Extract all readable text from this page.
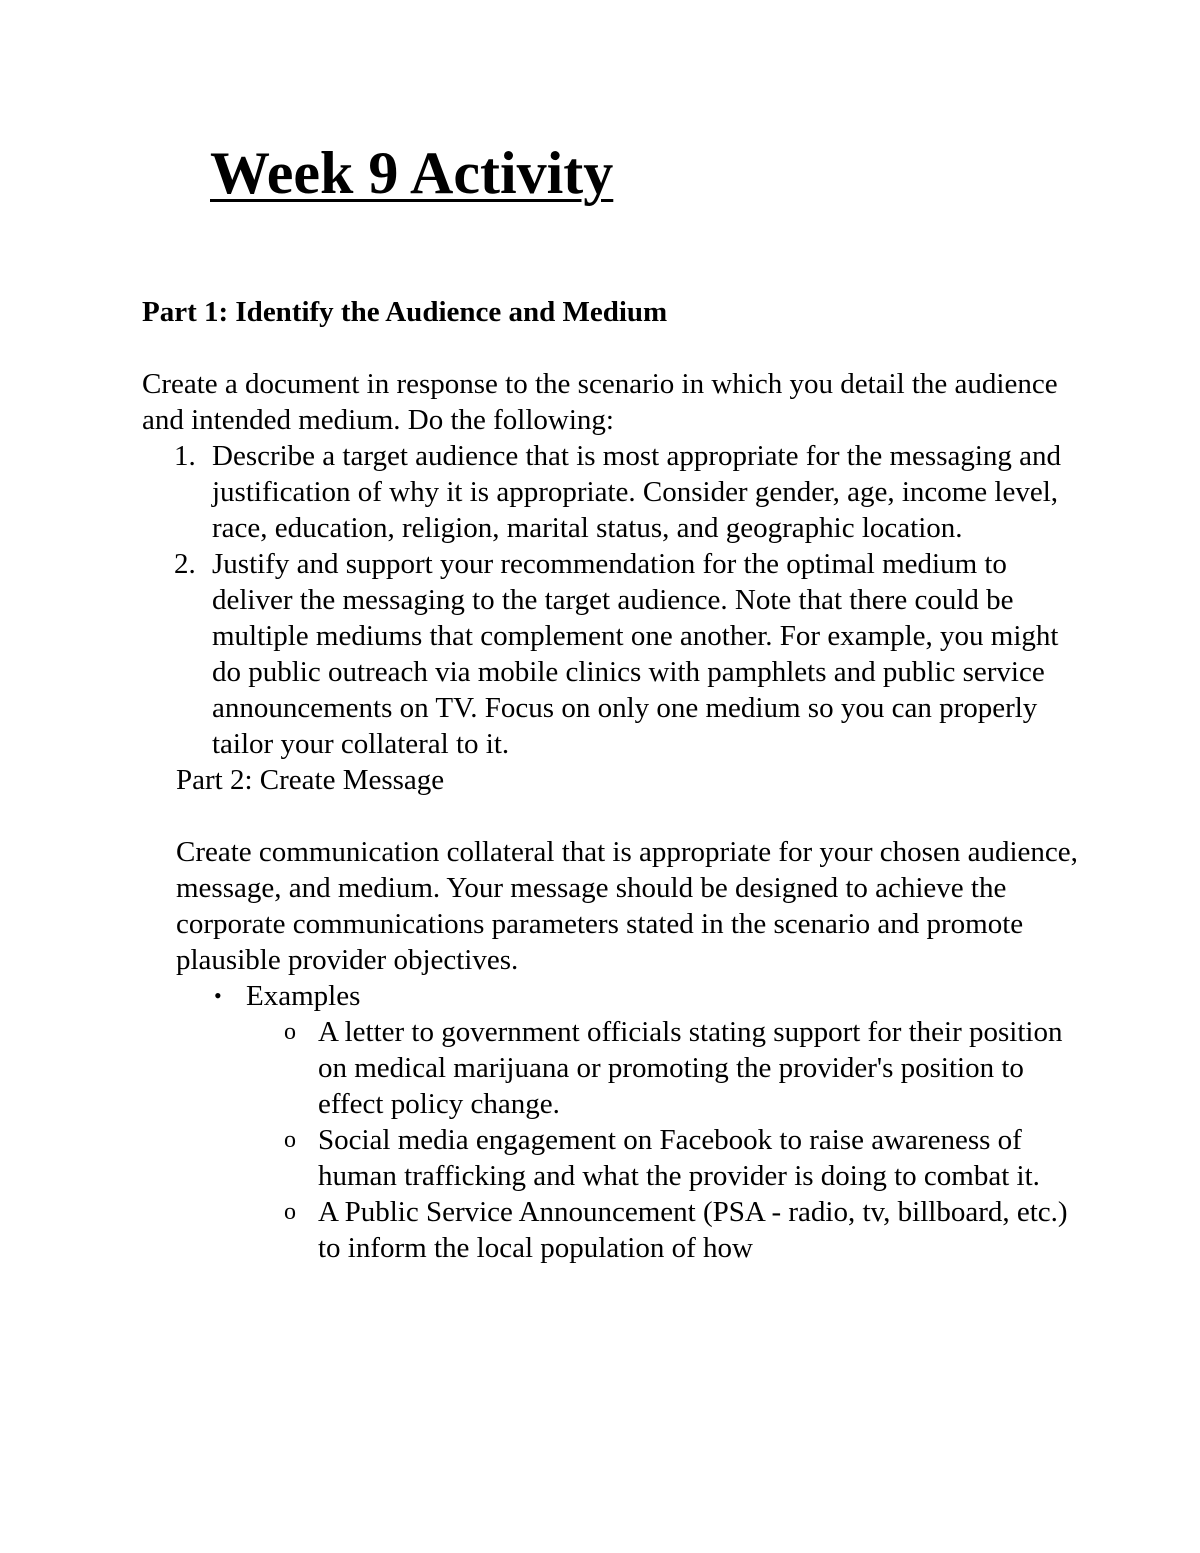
Week 9 Activity

Part 1: Identify the Audience and Medium

Create a document in response to the scenario in which you detail the audience and intended medium. Do the following:

1. Describe a target audience that is most appropriate for the messaging and justification of why it is appropriate. Consider gender, age, income level, race, education, religion, marital status, and geographic location.
2. Justify and support your recommendation for the optimal medium to deliver the messaging to the target audience. Note that there could be multiple mediums that complement one another. For example, you might do public outreach via mobile clinics with pamphlets and public service announcements on TV. Focus on only one medium so you can properly tailor your collateral to it.

Part 2: Create Message

Create communication collateral that is appropriate for your chosen audience, message, and medium. Your message should be designed to achieve the corporate communications parameters stated in the scenario and promote plausible provider objectives.

• Examples
o A letter to government officials stating support for their position on medical marijuana or promoting the provider's position to effect policy change.
o Social media engagement on Facebook to raise awareness of human trafficking and what the provider is doing to combat it.
o A Public Service Announcement (PSA - radio, tv, billboard, etc.) to inform the local population of how
